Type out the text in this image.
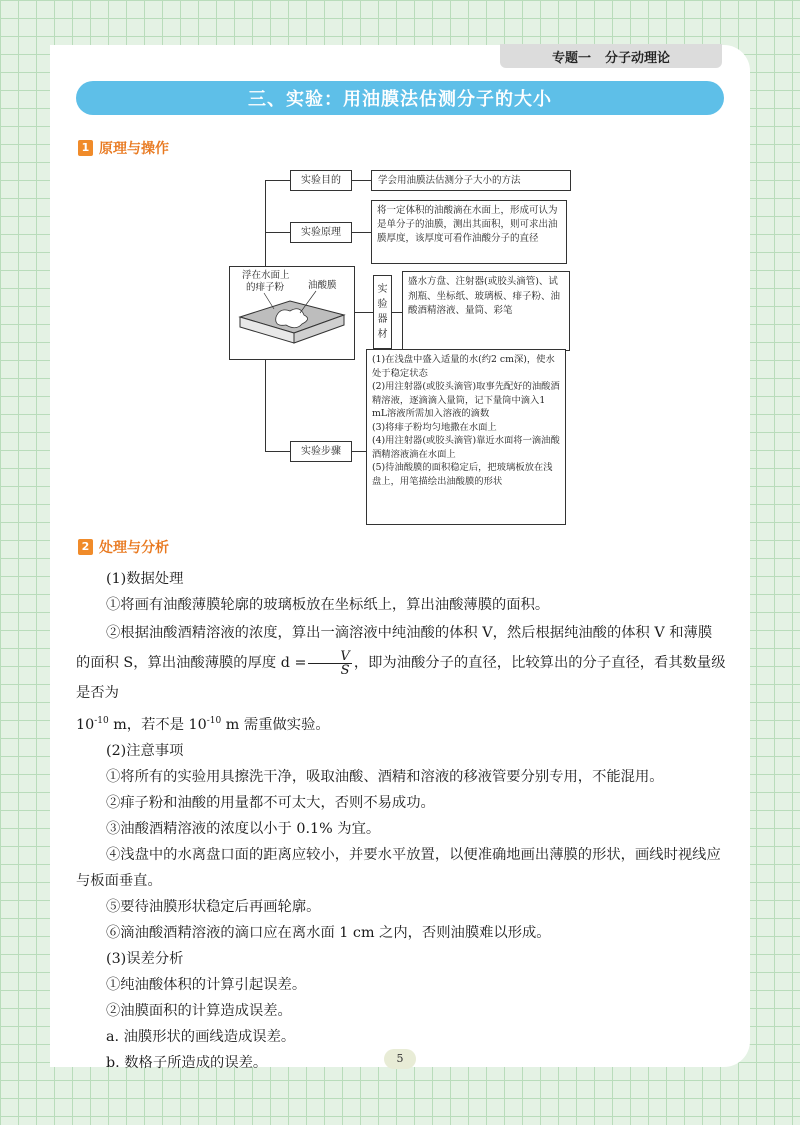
专题一 分子动理论
三、实验：用油膜法估测分子的大小
1 原理与操作
浮在水面上
的痱子粉	油酸膜
实验目的	学会用油膜法估测分子大小的方法
实验原理
将一定体积的油酸滴在水面上，形成可认为是单分子的油膜，测出其面积，则可求出油膜厚度，该厚度可看作油酸分子的直径
实
验
器
材
盛水方盘、注射器(或胶头滴管)、试剂瓶、坐标纸、玻璃板、痱子粉、油酸酒精溶液、量筒、彩笔
实验步骤
(1)在浅盘中盛入适量的水(约2 cm深)，使水处于稳定状态
(2)用注射器(或胶头滴管)取事先配好的油酸酒精溶液，逐滴滴入量筒，记下量筒中滴入1 mL溶液所需加入溶液的滴数
(3)将痱子粉均匀地撒在水面上
(4)用注射器(或胶头滴管)靠近水面将一滴油酸酒精溶液滴在水面上
(5)待油酸膜的面积稳定后，把玻璃板放在浅盘上，用笔描绘出油酸膜的形状
2 处理与分析

(1)数据处理

①将画有油酸薄膜轮廓的玻璃板放在坐标纸上，算出油酸薄膜的面积。

②根据油酸酒精溶液的浓度，算出一滴溶液中纯油酸的体积 V，然后根据纯油酸的体积 V 和薄膜的面积 S，算出油酸薄膜的厚度 $d = \frac{V}{S}$ ，即为油酸分子的直径，比较算出的分子直径，看其数量级是否为

$10^{-10}$ m，若不是 $10^{-10}$ m 需重做实验。

(2)注意事项

①将所有的实验用具擦洗干净，吸取油酸、酒精和溶液的移液管要分别专用，不能混用。

②痱子粉和油酸的用量都不可太大，否则不易成功。

③油酸酒精溶液的浓度以小于 0.1% 为宜。

④浅盘中的水离盘口面的距离应较小，并要水平放置，以便准确地画出薄膜的形状，画线时视线应与板面垂直。

⑤要待油膜形状稳定后再画轮廓。

⑥滴油酸酒精溶液的滴口应在离水面 1 cm 之内，否则油膜难以形成。

(3)误差分析

①纯油酸体积的计算引起误差。

②油膜面积的计算造成误差。

a. 油膜形状的画线造成误差。

b. 数格子所造成的误差。	5
